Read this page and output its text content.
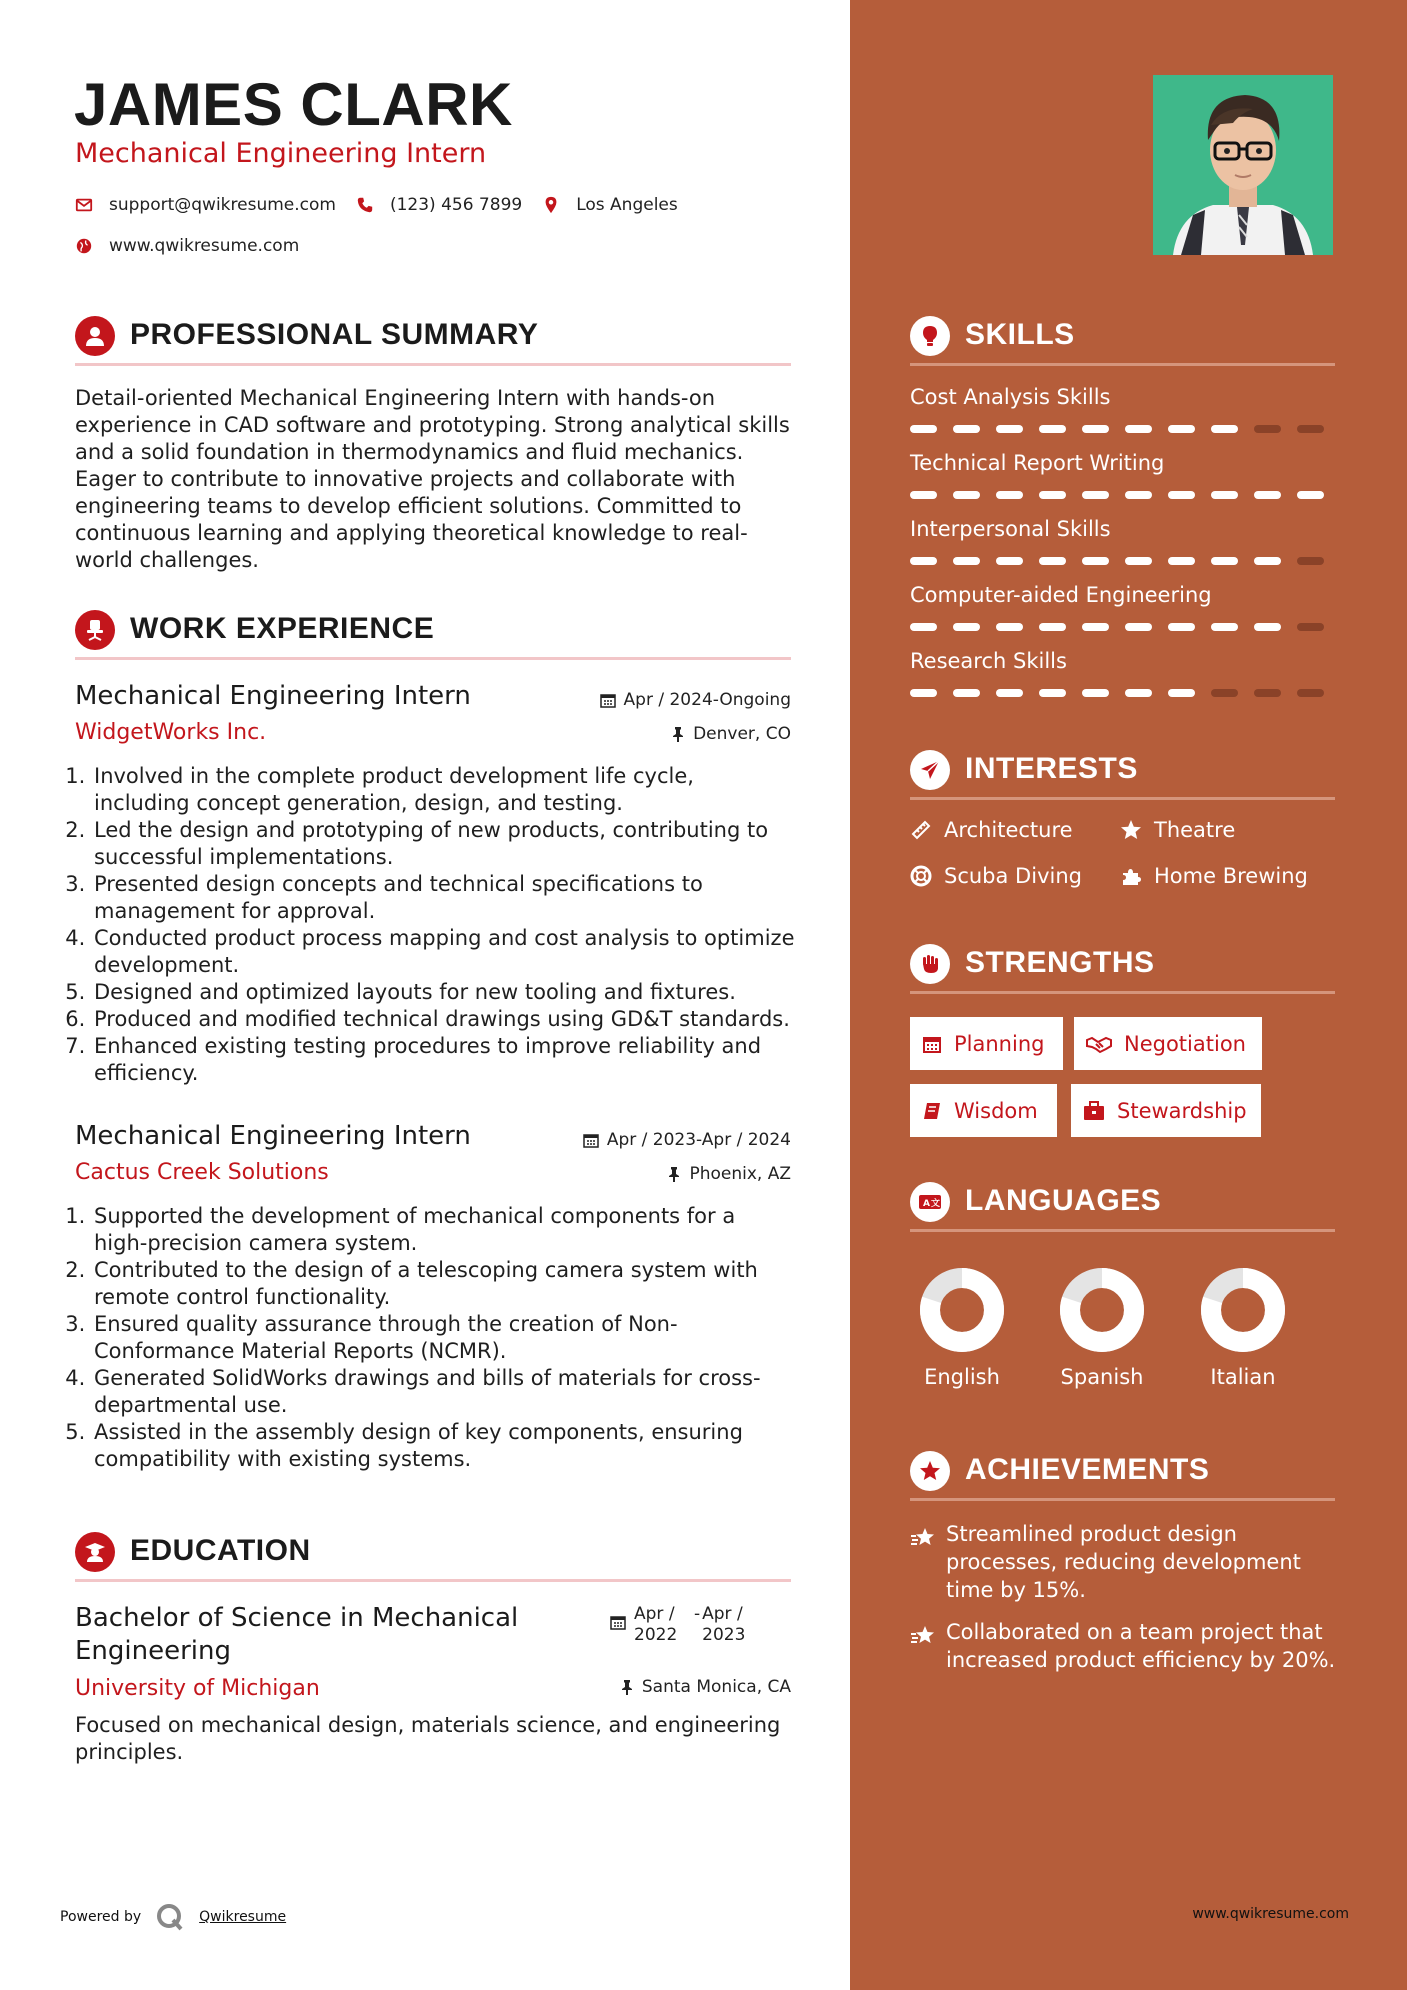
JAMES CLARK
Mechanical Engineering Intern
support@qwikresume.com	(123) 456 7899	Los Angeles
www.qwikresume.com
PROFESSIONAL SUMMARY
Detail-oriented Mechanical Engineering Intern with hands-on experience in CAD software and prototyping. Strong analytical skills and a solid foundation in thermodynamics and fluid mechanics. Eager to contribute to innovative projects and collaborate with engineering teams to develop efficient solutions. Committed to continuous learning and applying theoretical knowledge to real-world challenges.
WORK EXPERIENCE
Mechanical Engineering Intern	Apr / 2024-Ongoing
WidgetWorks Inc.	Denver, CO
1. Involved in the complete product development life cycle, including concept generation, design, and testing.
2. Led the design and prototyping of new products, contributing to successful implementations.
3. Presented design concepts and technical specifications to management for approval.
4. Conducted product process mapping and cost analysis to optimize development.
5. Designed and optimized layouts for new tooling and fixtures.
6. Produced and modified technical drawings using GD&T standards.
7. Enhanced existing testing procedures to improve reliability and efficiency.
Mechanical Engineering Intern	Apr / 2023-Apr / 2024
Cactus Creek Solutions	Phoenix, AZ
1. Supported the development of mechanical components for a high-precision camera system.
2. Contributed to the design of a telescoping camera system with remote control functionality.
3. Ensured quality assurance through the creation of Non-Conformance Material Reports (NCMR).
4. Generated SolidWorks drawings and bills of materials for cross-departmental use.
5. Assisted in the assembly design of key components, ensuring compatibility with existing systems.
EDUCATION
Bachelor of Science in Mechanical Engineering
Apr / 2022
- Apr / 2023
University of Michigan	Santa Monica, CA
Focused on mechanical design, materials science, and engineering principles.
Powered by	Qwikresume
SKILLS
Cost Analysis Skills
Technical Report Writing
Interpersonal Skills
Computer-aided Engineering
Research Skills
INTERESTS
Architecture	Theatre
Scuba Diving	Home Brewing
STRENGTHS
Planning	Negotiation
Wisdom	Stewardship
A 文 LANGUAGES
English	Spanish	Italian
ACHIEVEMENTS
Streamlined product design processes, reducing development time by 15%.
Collaborated on a team project that increased product efficiency by 20%.
www.qwikresume.com
